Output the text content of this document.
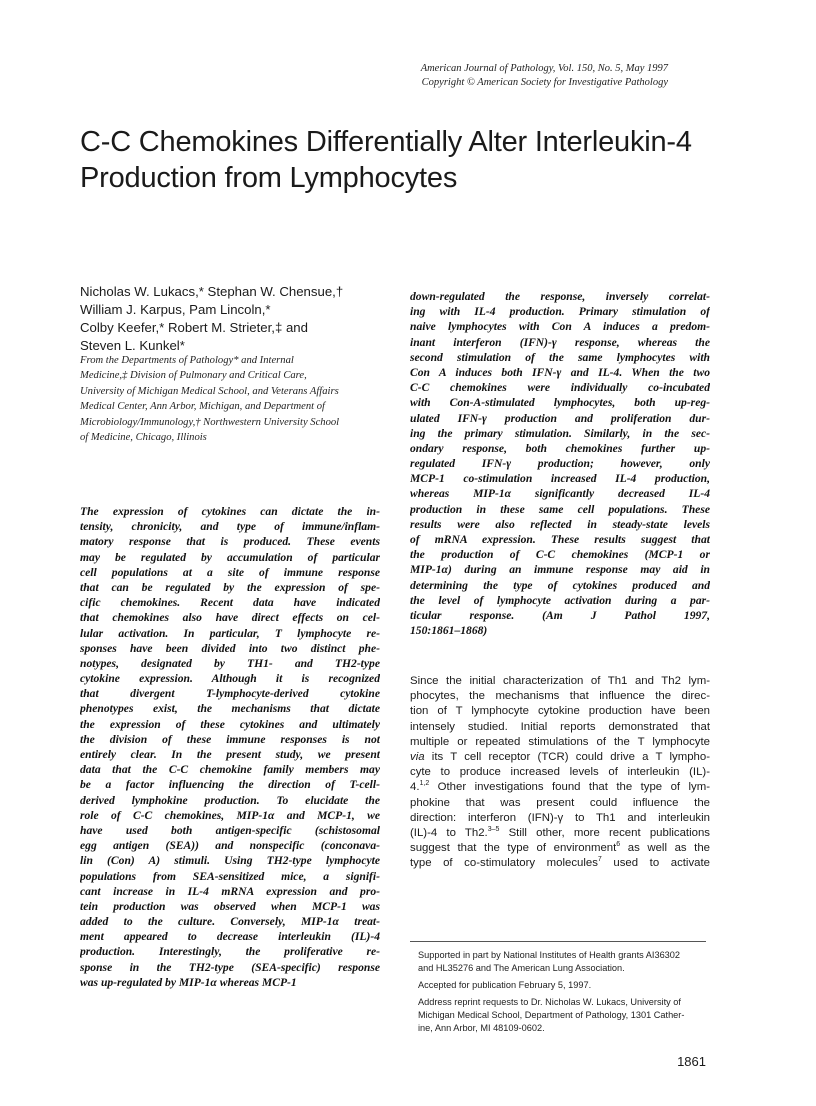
American Journal of Pathology, Vol. 150, No. 5, May 1997
Copyright © American Society for Investigative Pathology
C-C Chemokines Differentially Alter Interleukin-4
Production from Lymphocytes
Nicholas W. Lukacs,* Stephan W. Chensue,†
William J. Karpus, Pam Lincoln,*
Colby Keefer,* Robert M. Strieter,‡ and
Steven L. Kunkel*
From the Departments of Pathology* and Internal
Medicine,‡ Division of Pulmonary and Critical Care,
University of Michigan Medical School, and Veterans Affairs
Medical Center, Ann Arbor, Michigan, and Department of
Microbiology/Immunology,† Northwestern University School
of Medicine, Chicago, Illinois
The expression of cytokines can dictate the in-
tensity, chronicity, and type of immune/inflam-
matory response that is produced. These events
may be regulated by accumulation of particular
cell populations at a site of immune response
that can be regulated by the expression of spe-
cific chemokines. Recent data have indicated
that chemokines also have direct effects on cel-
lular activation. In particular, T lymphocyte re-
sponses have been divided into two distinct phe-
notypes, designated by TH1- and TH2-type
cytokine expression. Although it is recognized
that divergent T-lymphocyte-derived cytokine
phenotypes exist, the mechanisms that dictate
the expression of these cytokines and ultimately
the division of these immune responses is not
entirely clear. In the present study, we present
data that the C-C chemokine family members may
be a factor influencing the direction of T-cell-
derived lymphokine production. To elucidate the
role of C-C chemokines, MIP-1α and MCP-1, we
have used both antigen-specific (schistosomal
egg antigen (SEA)) and nonspecific (conconava-
lin (Con) A) stimuli. Using TH2-type lymphocyte
populations from SEA-sensitized mice, a signifi-
cant increase in IL-4 mRNA expression and pro-
tein production was observed when MCP-1 was
added to the culture. Conversely, MIP-1α treat-
ment appeared to decrease interleukin (IL)-4
production. Interestingly, the proliferative re-
sponse in the TH2-type (SEA-specific) response
was up-regulated by MIP-1α whereas MCP-1
down-regulated the response, inversely correlat-
ing with IL-4 production. Primary stimulation of
naive lymphocytes with Con A induces a predom-
inant interferon (IFN)-γ response, whereas the
second stimulation of the same lymphocytes with
Con A induces both IFN-γ and IL-4. When the two
C-C chemokines were individually co-incubated
with Con-A-stimulated lymphocytes, both up-reg-
ulated IFN-γ production and proliferation dur-
ing the primary stimulation. Similarly, in the sec-
ondary response, both chemokines further up-
regulated IFN-γ production; however, only
MCP-1 co-stimulation increased IL-4 production,
whereas MIP-1α significantly decreased IL-4
production in these same cell populations. These
results were also reflected in steady-state levels
of mRNA expression. These results suggest that
the production of C-C chemokines (MCP-1 or
MIP-1α) during an immune response may aid in
determining the type of cytokines produced and
the level of lymphocyte activation during a par-
ticular response. (Am J Pathol 1997,
150:1861–1868)
Since the initial characterization of Th1 and Th2 lym-
phocytes, the mechanisms that influence the direc-
tion of T lymphocyte cytokine production have been
intensely studied. Initial reports demonstrated that
multiple or repeated stimulations of the T lymphocyte
via its T cell receptor (TCR) could drive a T lympho-
cyte to produce increased levels of interleukin (IL)-
4.$^{1,2}$ Other investigations found that the type of lym-
phokine that was present could influence the
direction: interferon (IFN)-γ to Th1 and interleukin
(IL)-4 to Th2.$^{3-5}$ Still other, more recent publications
suggest that the type of environment$^6$ as well as the
type of co-stimulatory molecules$^7$ used to activate
Supported in part by National Institutes of Health grants AI36302
and HL35276 and The American Lung Association.
Accepted for publication February 5, 1997.
Address reprint requests to Dr. Nicholas W. Lukacs, University of
Michigan Medical School, Department of Pathology, 1301 Cather-
ine, Ann Arbor, MI 48109-0602.
1861
